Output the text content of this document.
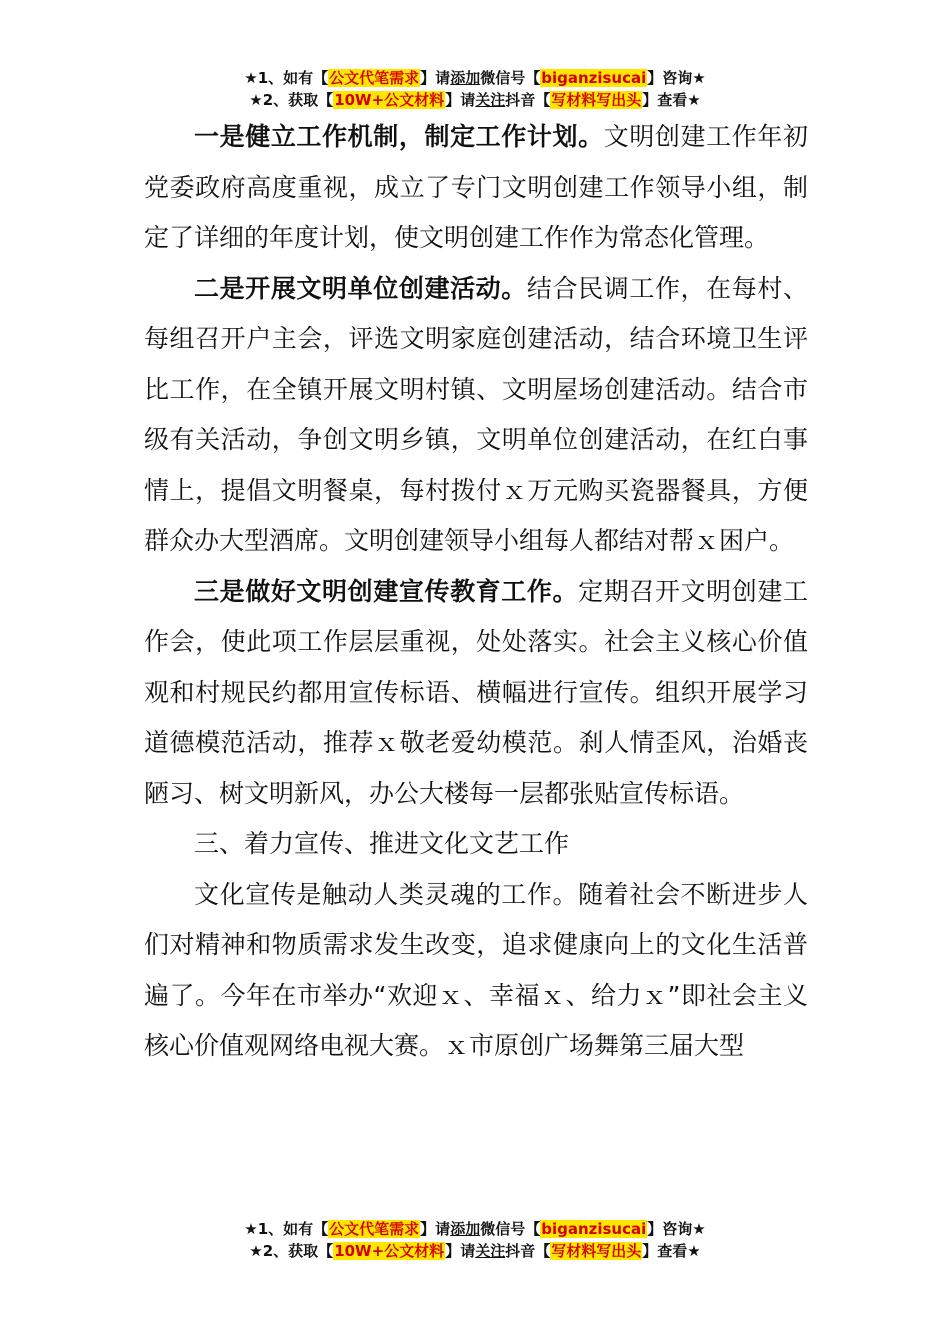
★1、如有【公文代笔需求】请添加微信号【biganzisucai】咨询★
★2、获取【10W+公文材料】请关注抖音【写材料写出头】查看★

一是健立工作机制，制定工作计划。文明创建工作年初党委政府高度重视，成立了专门文明创建工作领导小组，制定了详细的年度计划，使文明创建工作作为常态化管理。

二是开展文明单位创建活动。结合民调工作，在每村、每组召开户主会，评选文明家庭创建活动，结合环境卫生评比工作，在全镇开展文明村镇、文明屋场创建活动。结合市级有关活动，争创文明乡镇，文明单位创建活动，在红白事情上，提倡文明餐桌，每村拨付ｘ万元购买瓷器餐具，方便群众办大型酒席。文明创建领导小组每人都结对帮ｘ困户。

三是做好文明创建宣传教育工作。定期召开文明创建工作会，使此项工作层层重视，处处落实。社会主义核心价值观和村规民约都用宣传标语、横幅进行宣传。组织开展学习道德模范活动，推荐ｘ敬老爱幼模范。刹人情歪风，治婚丧陋习、树文明新风，办公大楼每一层都张贴宣传标语。

三、着力宣传、推进文化文艺工作

文化宣传是触动人类灵魂的工作。随着社会不断进步人们对精神和物质需求发生改变，追求健康向上的文化生活普遍了。今年在市举办“欢迎ｘ、幸福ｘ、给力ｘ”即社会主义核心价值观网络电视大赛。ｘ市原创广场舞第三届大型

★1、如有【公文代笔需求】请添加微信号【biganzisucai】咨询★
★2、获取【10W+公文材料】请关注抖音【写材料写出头】查看★
